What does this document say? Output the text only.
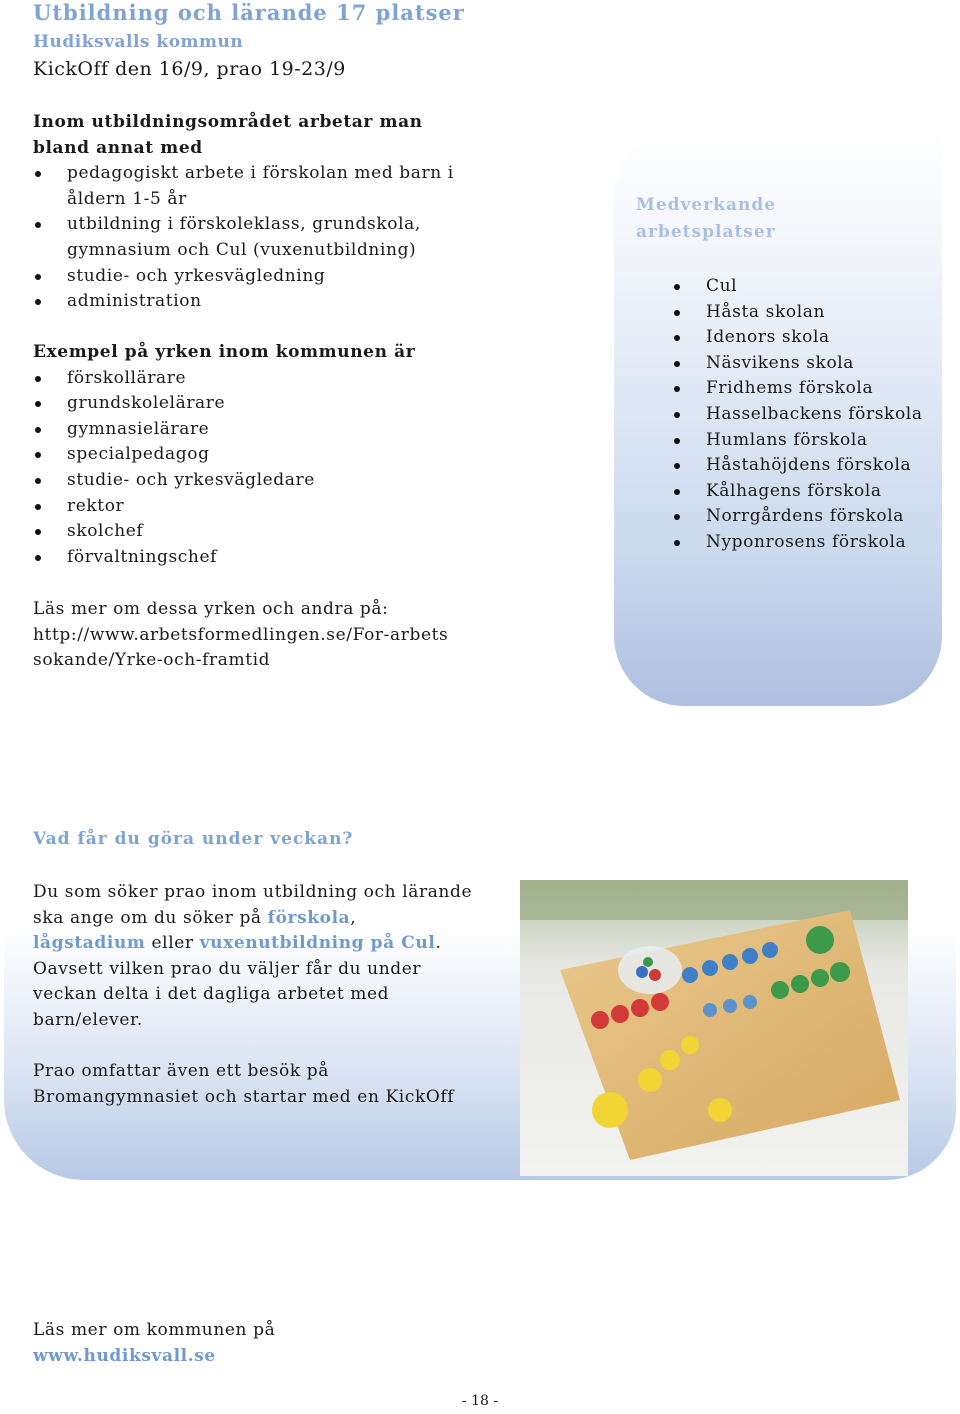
Utbildning och lärande 17 platser
Hudiksvalls kommun
KickOff den 16/9, prao 19-23/9
Inom utbildningsområdet arbetar man bland annat med
pedagogiskt arbete i förskolan med barn i åldern 1-5 år
utbildning i förskoleklass, grundskola, gymnasium och Cul (vuxenutbildning)
studie- och yrkesvägledning
administration
Exempel på yrken inom kommunen är
förskollärare
grundskolelärare
gymnasielärare
specialpedagog
studie- och yrkesvägledare
rektor
skolchef
förvaltningschef
Läs mer om dessa yrken och andra på:
http://www.arbetsformedlingen.se/For-arbetssokande/Yrke-och-framtid
Medverkande arbetsplatser
Cul
Håsta skolan
Idenors skola
Näsvikens skola
Fridhems förskola
Hasselbackens förskola
Humlans förskola
Håstahöjdens förskola
Kålhagens förskola
Norrgårdens förskola
Nyponrosens förskola
Vad får du göra under veckan?
Du som söker prao inom utbildning och lärande ska ange om du söker på förskola, lågstadium eller vuxenutbildning på Cul. Oavsett vilken prao du väljer får du under veckan delta i det dagliga arbetet med barn/elever.
Prao omfattar även ett besök på Bromangymnasiet och startar med en KickOff
Läs mer om kommunen på
www.hudiksvall.se
- 18 -
